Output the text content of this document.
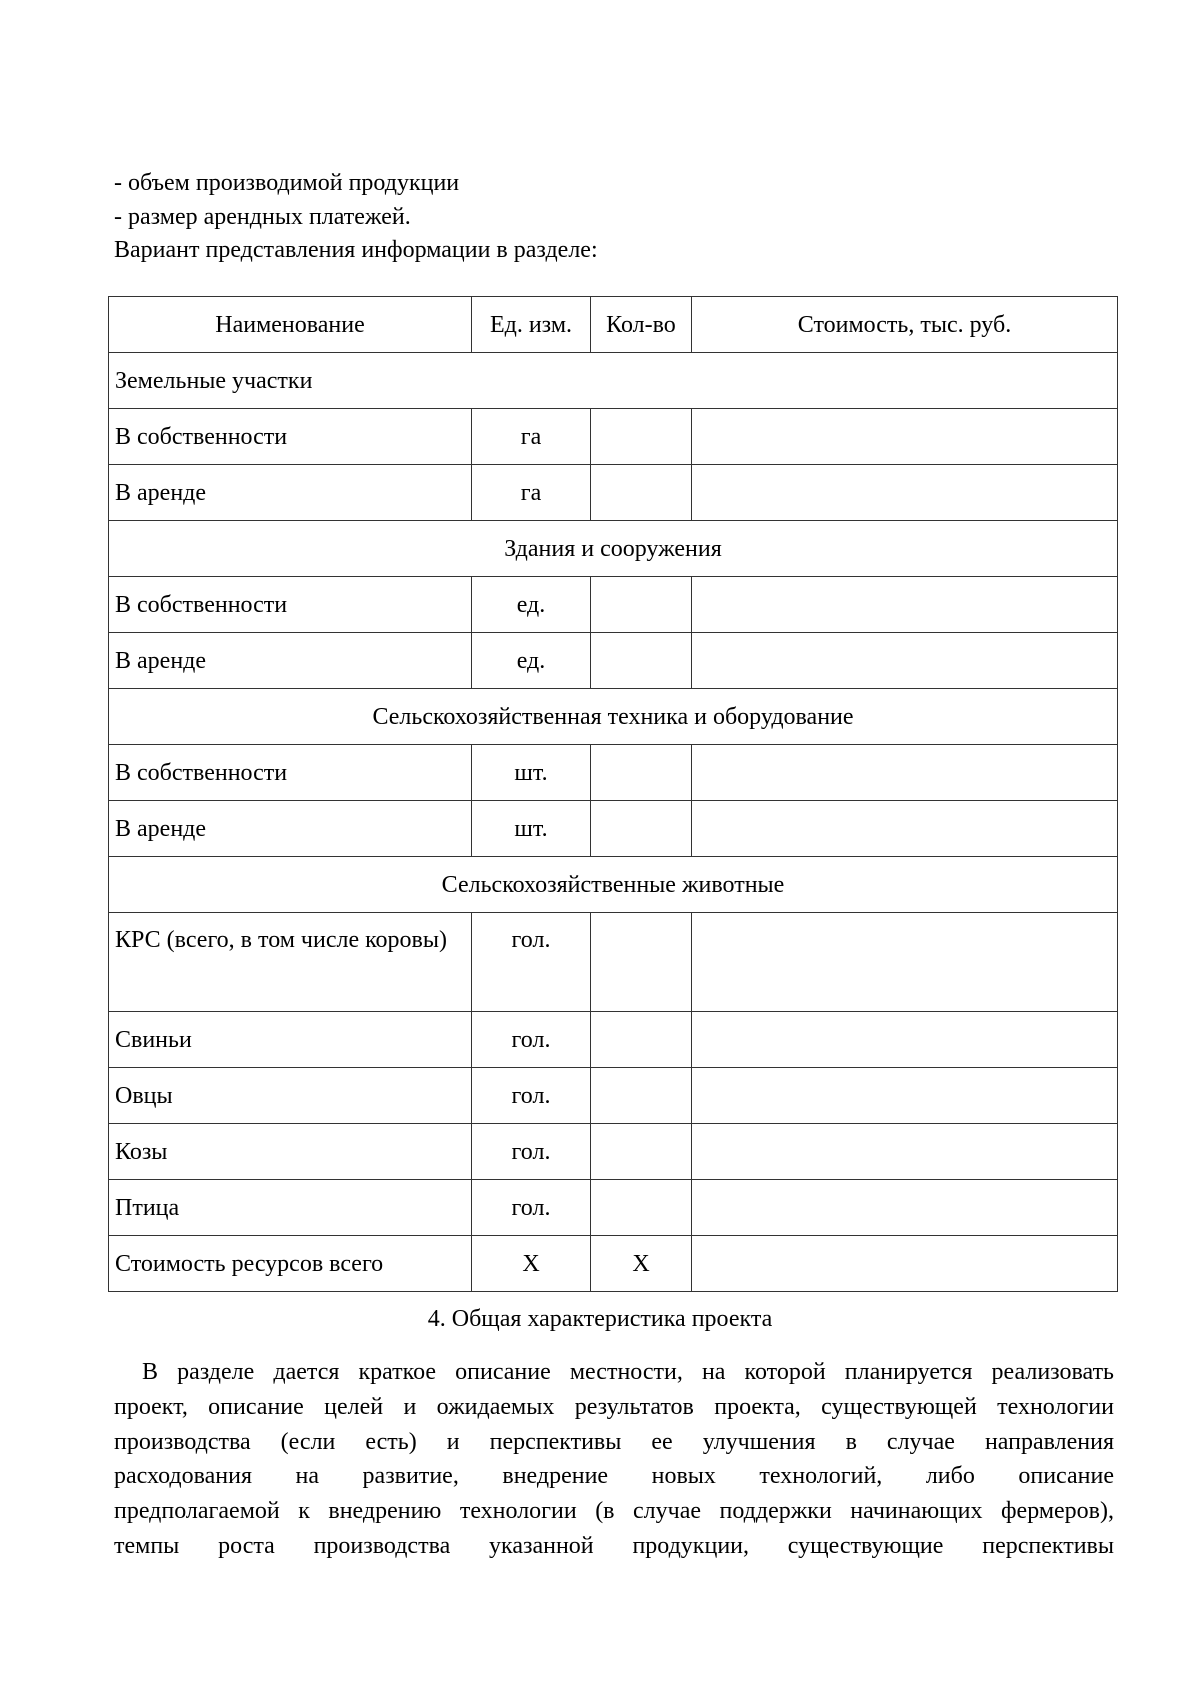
- объем производимой продукции
- размер арендных платежей.
Вариант представления информации в разделе:
Наименование	Ед. изм.	Кол-во	Стоимость, тыс. руб.
Земельные участки			
В собственности	га		
В аренде	га		
Здания и сооружения			
В собственности	ед.		
В аренде	ед.		
Сельскохозяйственная техника и оборудование			
В собственности	шт.		
В аренде	шт.		
Сельскохозяйственные животные			
КРС (всего, в том числе коровы)	гол.		
Свиньи	гол.		
Овцы	гол.		
Козы	гол.		
Птица	гол.		
Стоимость ресурсов всего	Х	Х	
4. Общая характеристика проекта
В разделе дается краткое описание местности, на которой планируется реализовать
проект, описание целей и ожидаемых результатов проекта, существующей технологии
производства (если есть) и перспективы ее улучшения в случае направления
расходования на развитие, внедрение новых технологий, либо описание
предполагаемой к внедрению технологии (в случае поддержки начинающих фермеров),
темпы роста производства указанной продукции, существующие перспективы
